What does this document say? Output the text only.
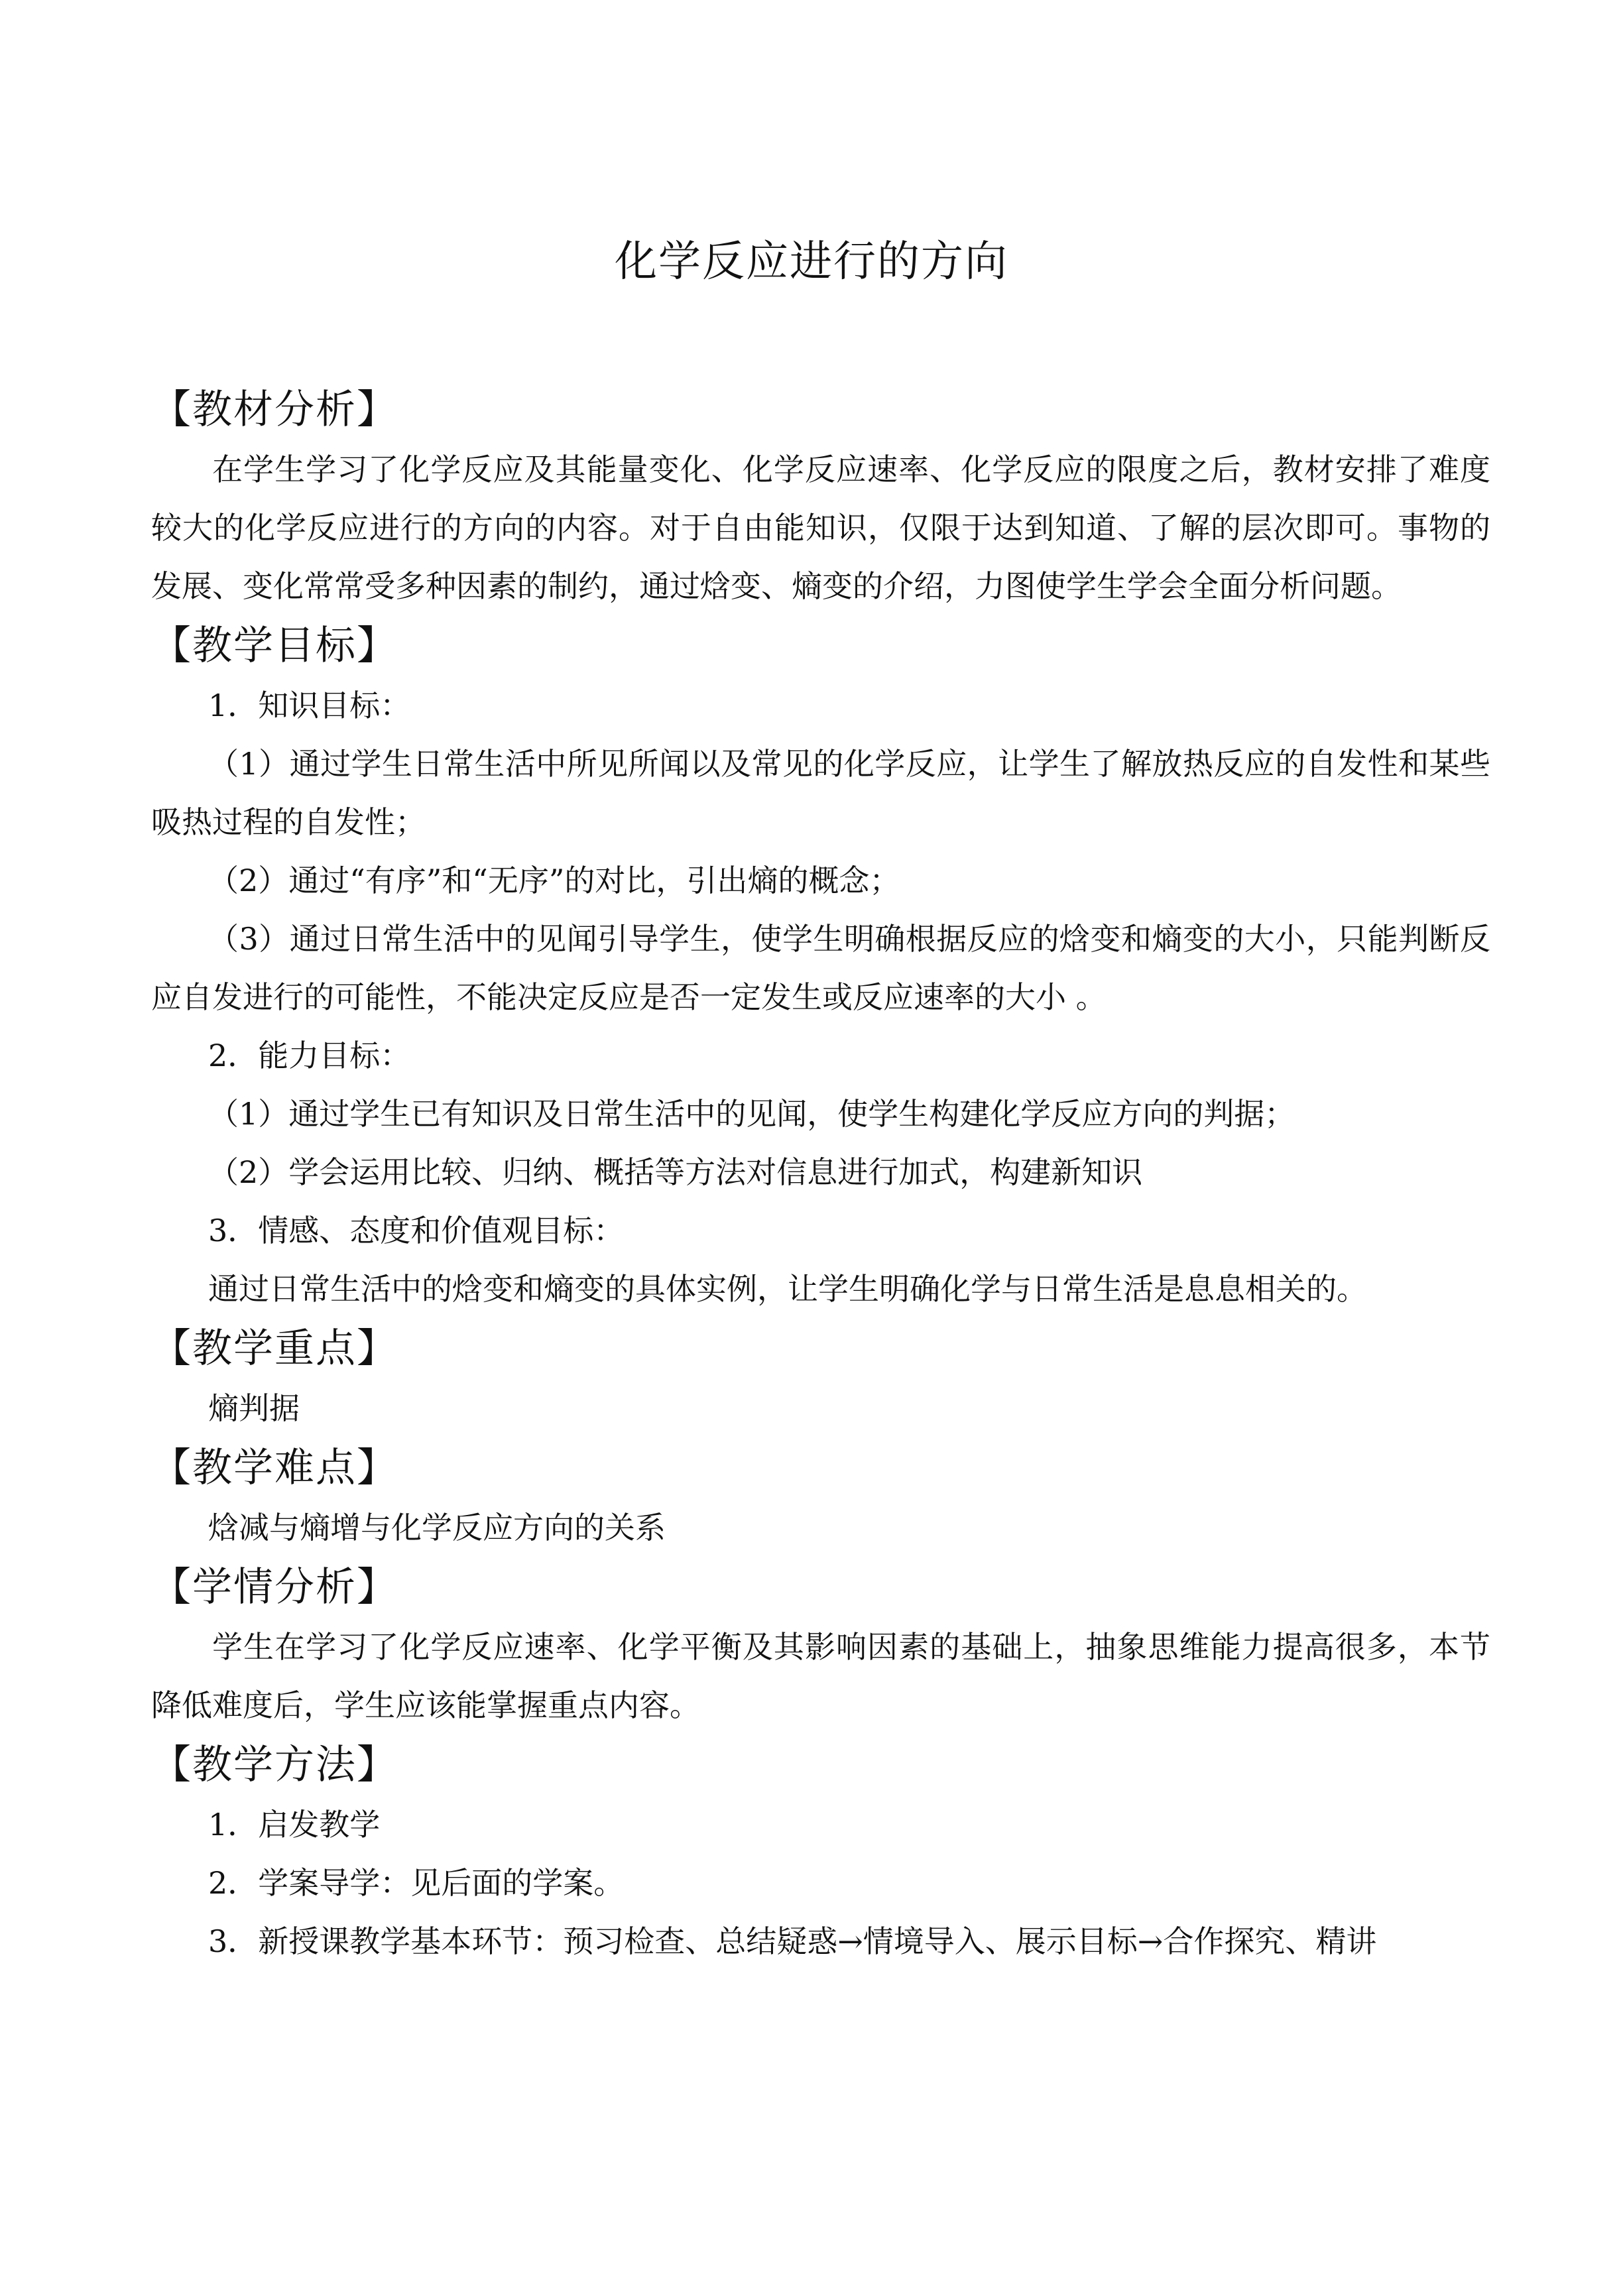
化学反应进行的方向
【教材分析】

在学生学习了化学反应及其能量变化、化学反应速率、化学反应的限度之后，教材安排了难度较大的化学反应进行的方向的内容。对于自由能知识，仅限于达到知道、了解的层次即可。事物的发展、变化常常受多种因素的制约，通过焓变、熵变的介绍，力图使学生学会全面分析问题。

【教学目标】

1．知识目标：

（1）通过学生日常生活中所见所闻以及常见的化学反应，让学生了解放热反应的自发性和某些吸热过程的自发性；

（2）通过“有序”和“无序”的对比，引出熵的概念；

（3）通过日常生活中的见闻引导学生，使学生明确根据反应的焓变和熵变的大小，只能判断反应自发进行的可能性，不能决定反应是否一定发生或反应速率的大小 。

2．能力目标：

（1）通过学生已有知识及日常生活中的见闻，使学生构建化学反应方向的判据；

（2）学会运用比较、归纳、概括等方法对信息进行加式，构建新知识

3．情感、态度和价值观目标：

通过日常生活中的焓变和熵变的具体实例，让学生明确化学与日常生活是息息相关的。

【教学重点】

熵判据

【教学难点】

焓减与熵增与化学反应方向的关系

【学情分析】

学生在学习了化学反应速率、化学平衡及其影响因素的基础上，抽象思维能力提高很多，本节降低难度后，学生应该能掌握重点内容。

【教学方法】

1．启发教学

2．学案导学：见后面的学案。

3．新授课教学基本环节：预习检查、总结疑惑→情境导入、展示目标→合作探究、精讲
